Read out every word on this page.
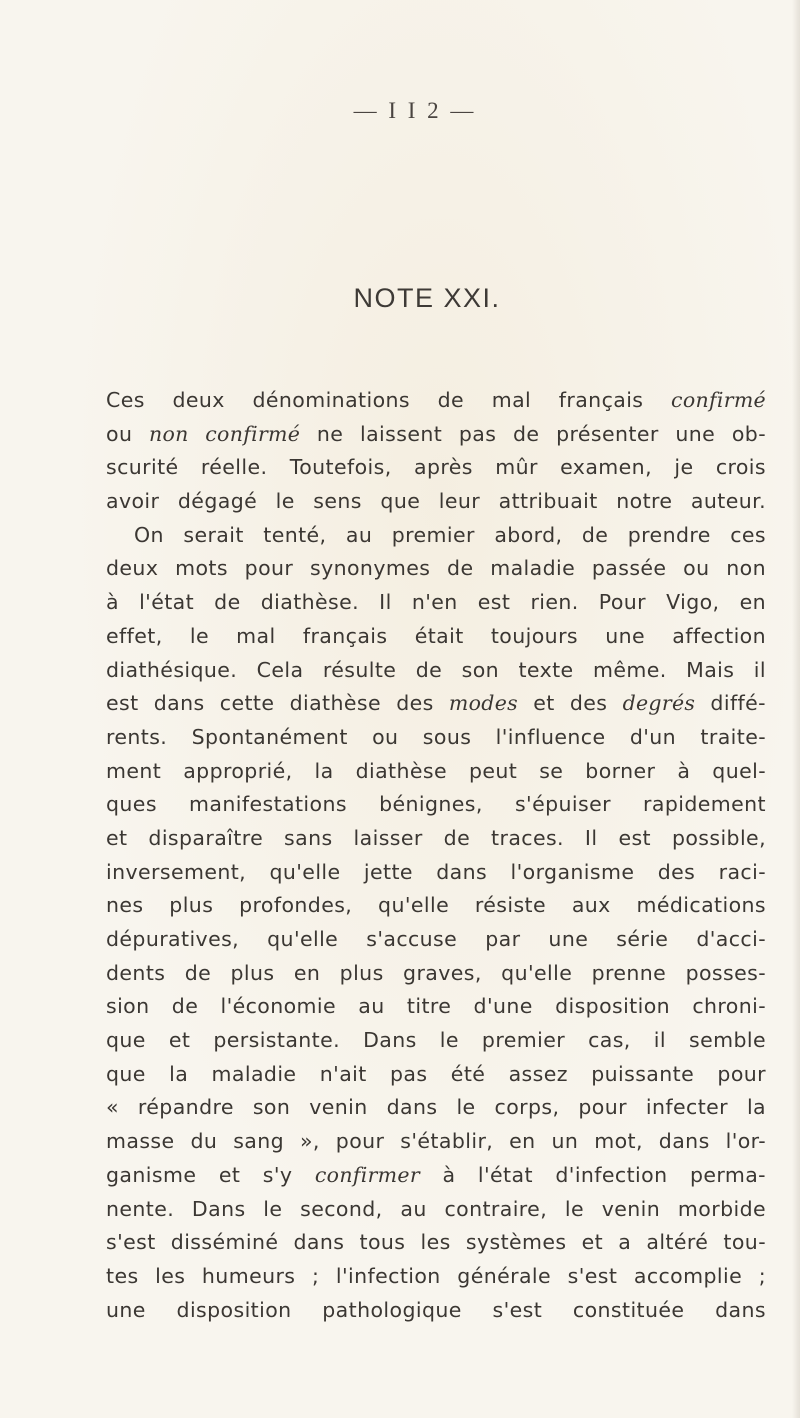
— I I 2 —
NOTE XXI.
Ces deux dénominations de mal français confirmé
ou non confirmé ne laissent pas de présenter une ob-
scurité réelle. Toutefois, après mûr examen, je crois
avoir dégagé le sens que leur attribuait notre auteur.
On serait tenté, au premier abord, de prendre ces
deux mots pour synonymes de maladie passée ou non
à l'état de diathèse. Il n'en est rien. Pour Vigo, en
effet, le mal français était toujours une affection
diathésique. Cela résulte de son texte même. Mais il
est dans cette diathèse des modes et des degrés diffé-
rents. Spontanément ou sous l'influence d'un traite-
ment approprié, la diathèse peut se borner à quel-
ques manifestations bénignes, s'épuiser rapidement
et disparaître sans laisser de traces. Il est possible,
inversement, qu'elle jette dans l'organisme des raci-
nes plus profondes, qu'elle résiste aux médications
dépuratives, qu'elle s'accuse par une série d'acci-
dents de plus en plus graves, qu'elle prenne posses-
sion de l'économie au titre d'une disposition chroni-
que et persistante. Dans le premier cas, il semble
que la maladie n'ait pas été assez puissante pour
« répandre son venin dans le corps, pour infecter la
masse du sang », pour s'établir, en un mot, dans l'or-
ganisme et s'y confirmer à l'état d'infection perma-
nente. Dans le second, au contraire, le venin morbide
s'est disséminé dans tous les systèmes et a altéré tou-
tes les humeurs ; l'infection générale s'est accomplie ;
une disposition pathologique s'est constituée dans
